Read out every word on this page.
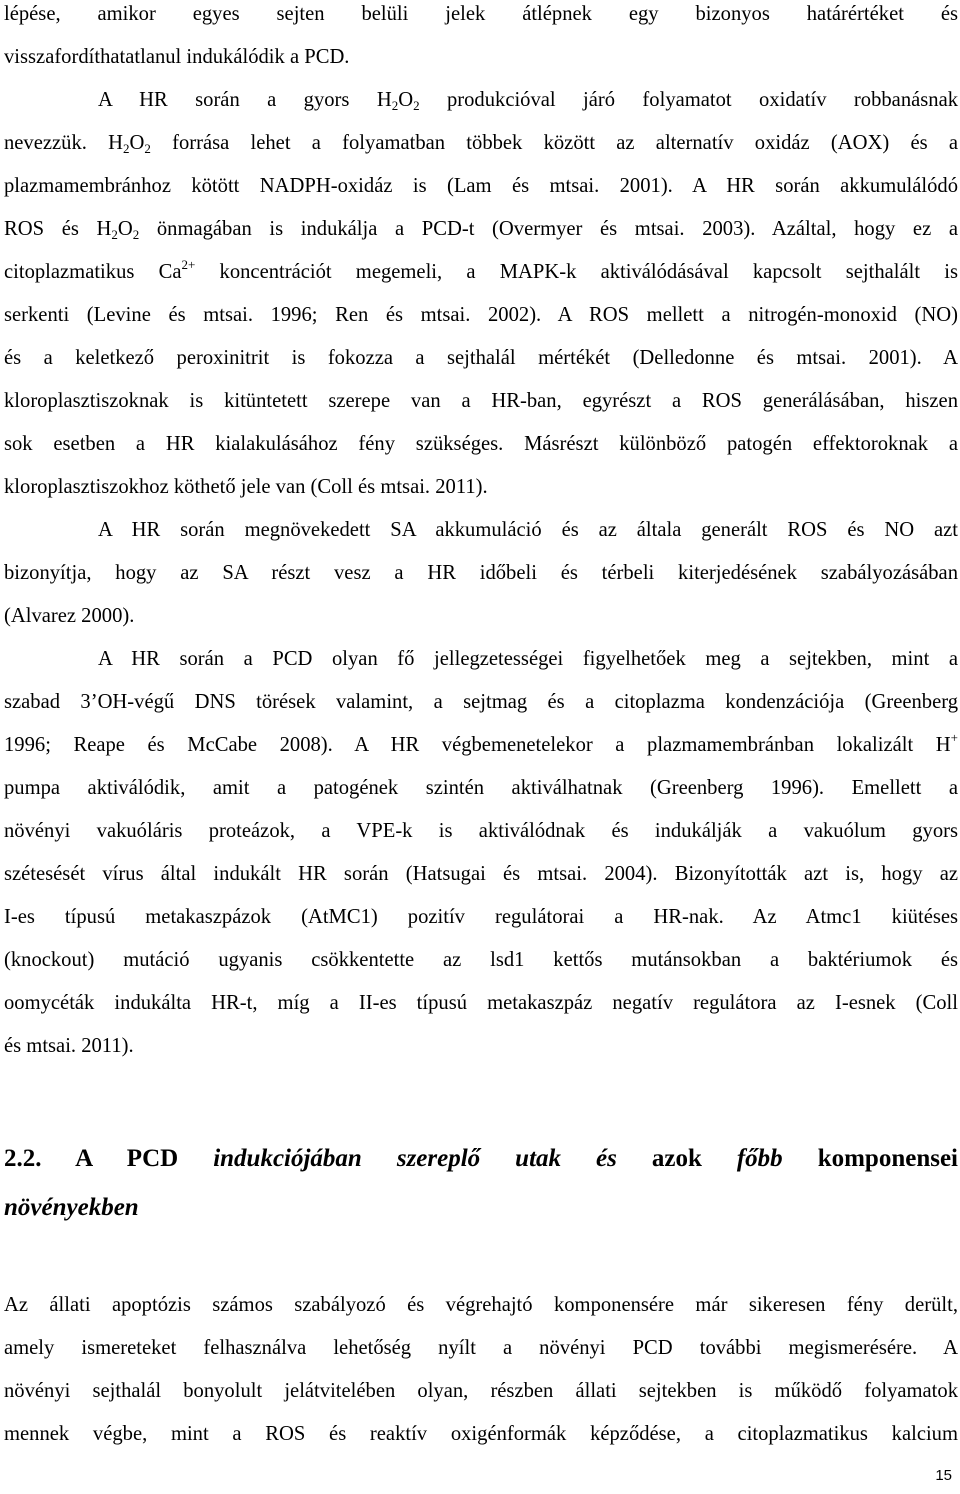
lépése, amikor egyes sejten belüli jelek átlépnek egy bizonyos határértéket és
visszafordíthatatlanul indukálódik a PCD.
A HR során a gyors $H_2O_2$ produkcióval járó folyamatot oxidatív robbanásnak
nevezzük. $H_2O_2$ forrása lehet a folyamatban többek között az alternatív oxidáz (AOX) és a
plazmamembránhoz kötött NADPH-oxidáz is (Lam és mtsai. 2001). A HR során akkumulálódó
ROS és $H_2O_2$ önmagában is indukálja a PCD-t (Overmyer és mtsai. 2003). Azáltal, hogy ez a
citoplazmatikus $Ca^{2+}$ koncentrációt megemeli, a MAPK-k aktiválódásával kapcsolt sejthalált is
serkenti (Levine és mtsai. 1996; Ren és mtsai. 2002). A ROS mellett a nitrogén-monoxid (NO)
és a keletkező peroxinitrit is fokozza a sejthalál mértékét (Delledonne és mtsai. 2001). A
kloroplasztiszoknak is kitüntetett szerepe van a HR-ban, egyrészt a ROS generálásában, hiszen
sok esetben a HR kialakulásához fény szükséges. Másrészt különböző patogén effektoroknak a
kloroplasztiszokhoz köthető jele van (Coll és mtsai. 2011).
A HR során megnövekedett SA akkumuláció és az általa generált ROS és NO azt
bizonyítja, hogy az SA részt vesz a HR időbeli és térbeli kiterjedésének szabályozásában
(Alvarez 2000).
A HR során a PCD olyan fő jellegzetességei figyelhetőek meg a sejtekben, mint a
szabad 3’OH-végű DNS törések valamint, a sejtmag és a citoplazma kondenzációja (Greenberg
1996; Reape és McCabe 2008). A HR végbemenetelekor a plazmamembránban lokalizált H+
pumpa aktiválódik, amit a patogének szintén aktiválhatnak (Greenberg 1996). Emellett a
növényi vakuóláris proteázok, a VPE-k is aktiválódnak és indukálják a vakuólum gyors
szétesését vírus által indukált HR során (Hatsugai és mtsai. 2004). Bizonyították azt is, hogy az
I-es típusú metakaszpázok (AtMC1) pozitív regulátorai a HR-nak. Az Atmc1 kiütéses
(knockout) mutáció ugyanis csökkentette az lsd1 kettős mutánsokban a baktériumok és
oomycéták indukálta HR-t, míg a II-es típusú metakaszpáz negatív regulátora az I-esnek (Coll
és mtsai. 2011).
2.2. A PCD indukciójában szereplő utak és azok főbb komponensei
növényekben
Az állati apoptózis számos szabályozó és végrehajtó komponensére már sikeresen fény derült,
amely ismereteket felhasználva lehetőség nyílt a növényi PCD további megismerésére. A
növényi sejthalál bonyolult jelátvitelében olyan, részben állati sejtekben is működő folyamatok
mennek végbe, mint a ROS és reaktív oxigénformák képződése, a citoplazmatikus kalcium
15
